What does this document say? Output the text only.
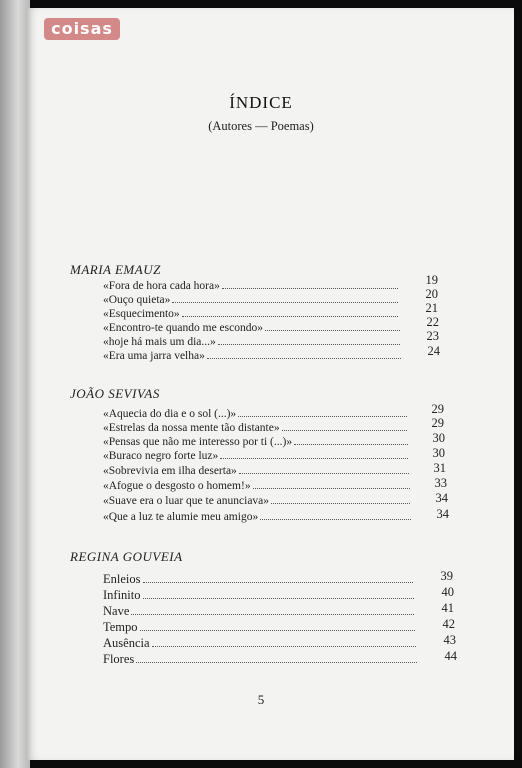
coisas
ÍNDICE
(Autores — Poemas)
MARIA EMAUZ
«Fora de hora cada hora»	19
«Ouço quieta»	20
«Esquecimento»	21
«Encontro-te quando me escondo»	22
«hoje há mais um dia...»	23
«Era uma jarra velha»	24
JOÃO SEVIVAS
«Aquecia do dia e o sol (...)»	29
«Estrelas da nossa mente tão distante»	29
«Pensas que não me interesso por ti (...)»	30
«Buraco negro forte luz»	30
«Sobrevivia em ilha deserta»	31
«Afogue o desgosto o homem!»	33
«Suave era o luar que te anunciava»	34
«Que a luz te alumie meu amigo»	34
REGINA GOUVEIA
Enleios	39
Infinito	40
Nave	41
Tempo	42
Ausência	43
Flores	44
5
